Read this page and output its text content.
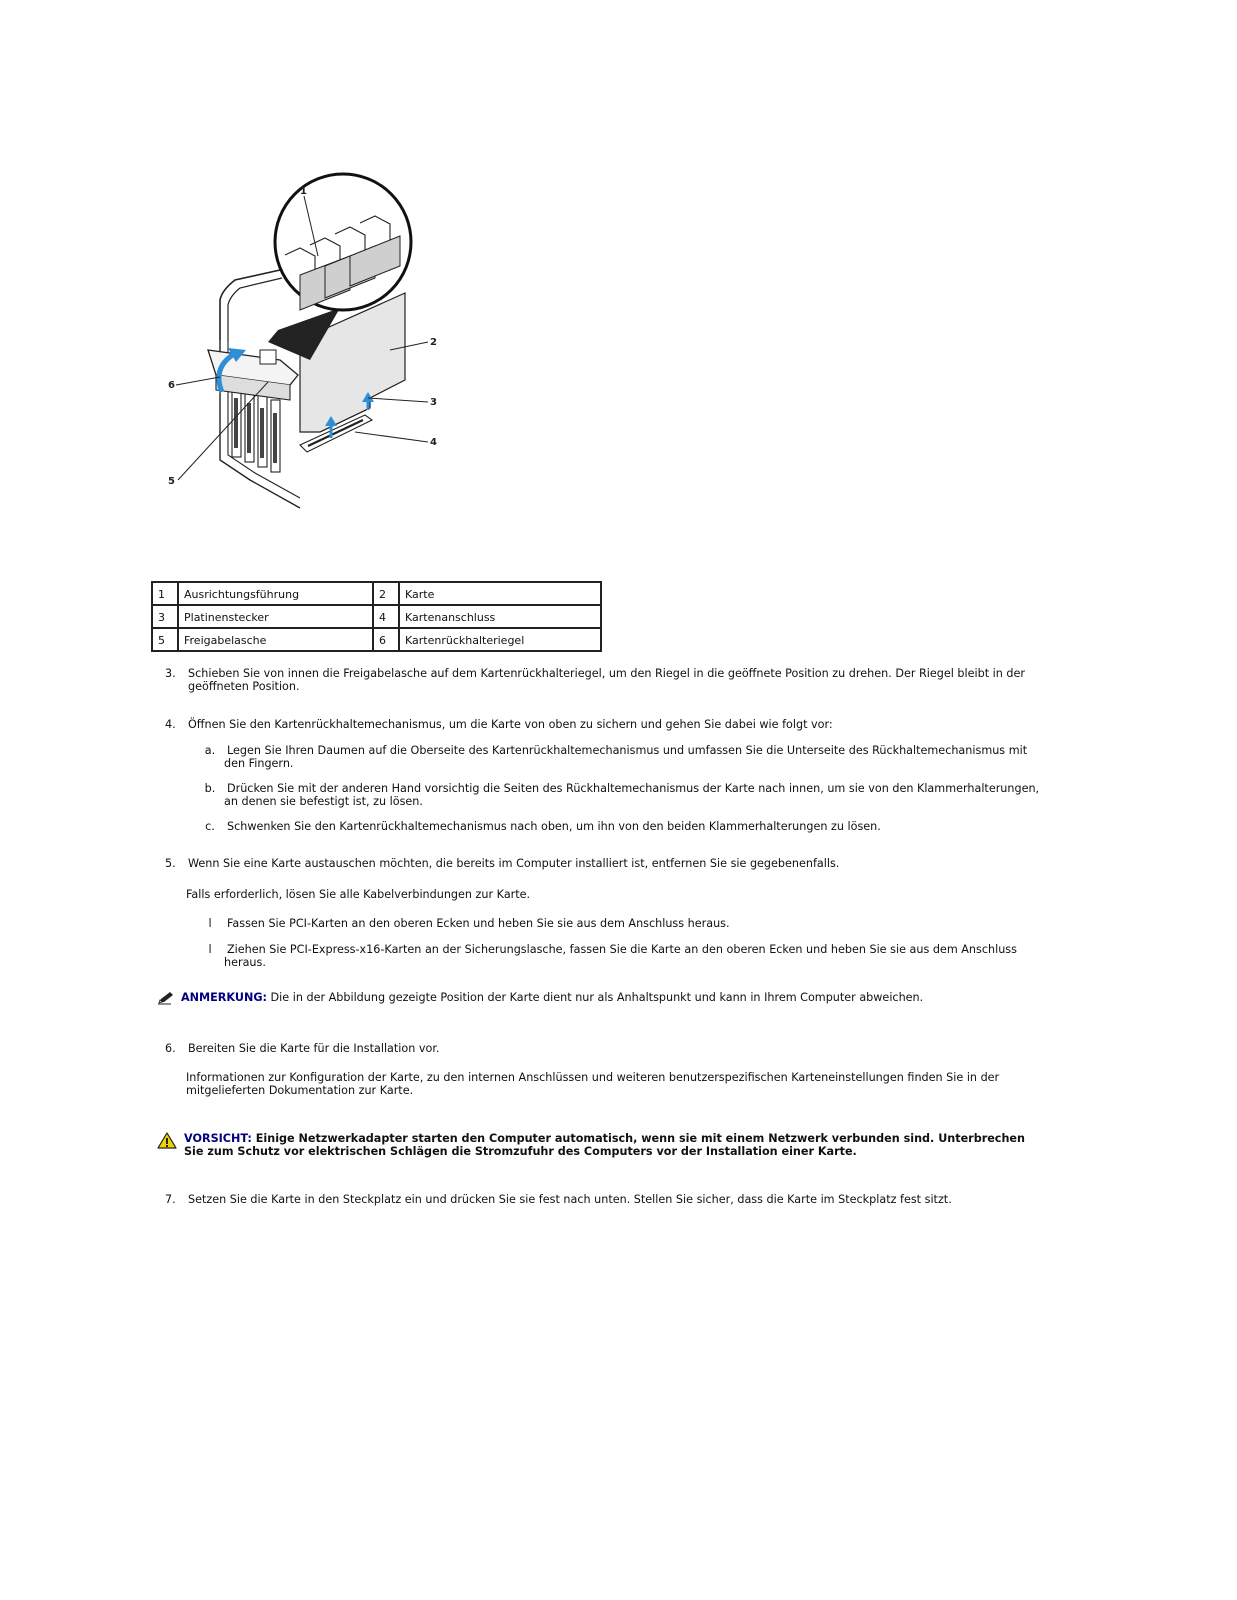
1
2
3
4
6
5
1	Ausrichtungsführung	2	Karte
3	Platinenstecker	4	Kartenanschluss
5	Freigabelasche	6	Kartenrückhalteriegel
3.	Schieben Sie von innen die Freigabelasche auf dem Kartenrückhalteriegel, um den Riegel in die geöffnete Position zu drehen. Der Riegel bleibt in der geöffneten Position.
4.	Öffnen Sie den Kartenrückhaltemechanismus, um die Karte von oben zu sichern und gehen Sie dabei wie folgt vor:
a.	Legen Sie Ihren Daumen auf die Oberseite des Kartenrückhaltemechanismus und umfassen Sie die Unterseite des Rückhaltemechanismus mit den Fingern.
b.	Drücken Sie mit der anderen Hand vorsichtig die Seiten des Rückhaltemechanismus der Karte nach innen, um sie von den Klammerhalterungen, an denen sie befestigt ist, zu lösen.
c.	Schwenken Sie den Kartenrückhaltemechanismus nach oben, um ihn von den beiden Klammerhalterungen zu lösen.
5.	Wenn Sie eine Karte austauschen möchten, die bereits im Computer installiert ist, entfernen Sie sie gegebenenfalls.
Falls erforderlich, lösen Sie alle Kabelverbindungen zur Karte.
l	Fassen Sie PCI-Karten an den oberen Ecken und heben Sie sie aus dem Anschluss heraus.
l	Ziehen Sie PCI-Express-x16-Karten an der Sicherungslasche, fassen Sie die Karte an den oberen Ecken und heben Sie sie aus dem Anschluss heraus.
ANMERKUNG: Die in der Abbildung gezeigte Position der Karte dient nur als Anhaltspunkt und kann in Ihrem Computer abweichen.
6.	Bereiten Sie die Karte für die Installation vor.
Informationen zur Konfiguration der Karte, zu den internen Anschlüssen und weiteren benutzerspezifischen Karteneinstellungen finden Sie in der mitgelieferten Dokumentation zur Karte.
VORSICHT: Einige Netzwerkadapter starten den Computer automatisch, wenn sie mit einem Netzwerk verbunden sind. Unterbrechen Sie zum Schutz vor elektrischen Schlägen die Stromzufuhr des Computers vor der Installation einer Karte.
7.	Setzen Sie die Karte in den Steckplatz ein und drücken Sie sie fest nach unten. Stellen Sie sicher, dass die Karte im Steckplatz fest sitzt.
